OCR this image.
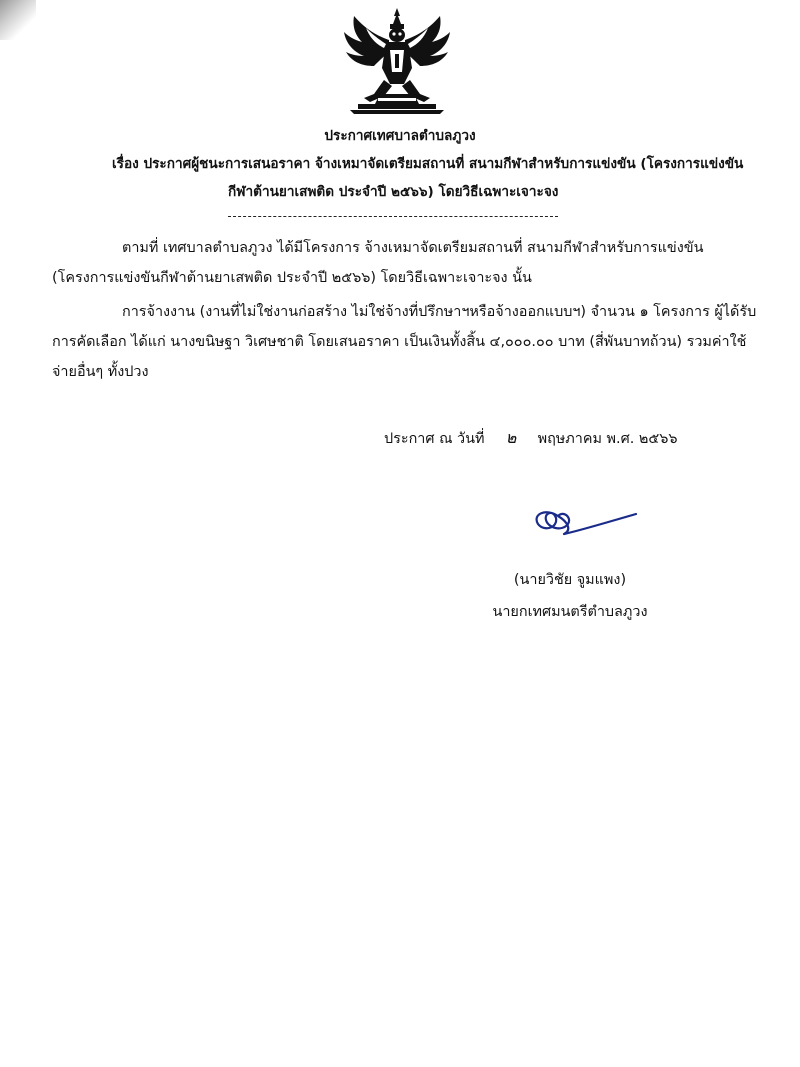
ประกาศเทศบาลตำบลภูวง
เรื่อง ประกาศผู้ชนะการเสนอราคา จ้างเหมาจัดเตรียมสถานที่ สนามกีฬาสำหรับการแข่งขัน (โครงการแข่งขัน
กีฬาต้านยาเสพติด ประจำปี ๒๕๖๖) โดยวิธีเฉพาะเจาะจง
ตามที่ เทศบาลตำบลภูวง ได้มีโครงการ จ้างเหมาจัดเตรียมสถานที่ สนามกีฬาสำหรับการแข่งขัน
(โครงการแข่งขันกีฬาต้านยาเสพติด ประจำปี ๒๕๖๖) โดยวิธีเฉพาะเจาะจง นั้น
การจ้างงาน (งานที่ไม่ใช่งานก่อสร้าง ไม่ใช่จ้างที่ปรึกษาฯหรือจ้างออกแบบฯ) จำนวน ๑ โครงการ ผู้ได้รับ
การคัดเลือก ได้แก่ นางขนิษฐา วิเศษชาติ โดยเสนอราคา เป็นเงินทั้งสิ้น ๔,๐๐๐.๐๐ บาท (สี่พันบาทถ้วน) รวมค่าใช้
จ่ายอื่นๆ ทั้งปวง
ประกาศ ณ วันที่ ๒ พฤษภาคม พ.ศ. ๒๕๖๖
(นายวิชัย จูมแพง)
นายกเทศมนตรีตำบลภูวง
